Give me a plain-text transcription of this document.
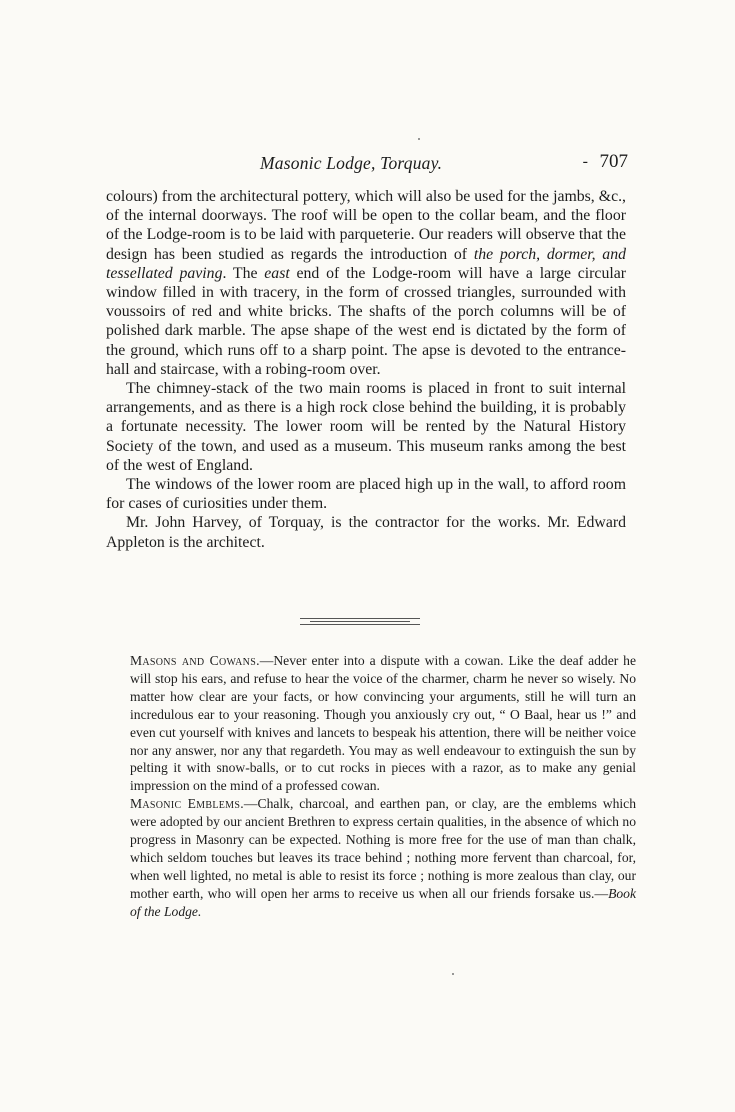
Masonic Lodge, Torquay.	- 707

colours) from the architectural pottery, which will also be used for the jambs, &c., of the internal doorways. The roof will be open to the collar beam, and the floor of the Lodge-room is to be laid with parqueterie. Our readers will observe that the design has been studied as regards the introduction of the porch, dormer, and tessellated paving. The east end of the Lodge-room will have a large circular window filled in with tracery, in the form of crossed triangles, surrounded with voussoirs of red and white bricks. The shafts of the porch columns will be of polished dark marble. The apse shape of the west end is dictated by the form of the ground, which runs off to a sharp point. The apse is devoted to the entrance-hall and staircase, with a robing-room over.

The chimney-stack of the two main rooms is placed in front to suit internal arrangements, and as there is a high rock close behind the building, it is probably a fortunate necessity. The lower room will be rented by the Natural History Society of the town, and used as a museum. This museum ranks among the best of the west of England.

The windows of the lower room are placed high up in the wall, to afford room for cases of curiosities under them.

Mr. John Harvey, of Torquay, is the contractor for the works. Mr. Edward Appleton is the architect.

Masons and Cowans.—Never enter into a dispute with a cowan. Like the deaf adder he will stop his ears, and refuse to hear the voice of the charmer, charm he never so wisely. No matter how clear are your facts, or how convincing your arguments, still he will turn an incredulous ear to your reasoning. Though you anxiously cry out, “ O Baal, hear us !” and even cut yourself with knives and lancets to bespeak his attention, there will be neither voice nor any answer, nor any that regardeth. You may as well endeavour to extinguish the sun by pelting it with snow-balls, or to cut rocks in pieces with a razor, as to make any genial impression on the mind of a professed cowan.

Masonic Emblems.—Chalk, charcoal, and earthen pan, or clay, are the emblems which were adopted by our ancient Brethren to express certain qualities, in the absence of which no progress in Masonry can be expected. Nothing is more free for the use of man than chalk, which seldom touches but leaves its trace behind ; nothing more fervent than charcoal, for, when well lighted, no metal is able to resist its force ; nothing is more zealous than clay, our mother earth, who will open her arms to receive us when all our friends forsake us.—Book of the Lodge.
